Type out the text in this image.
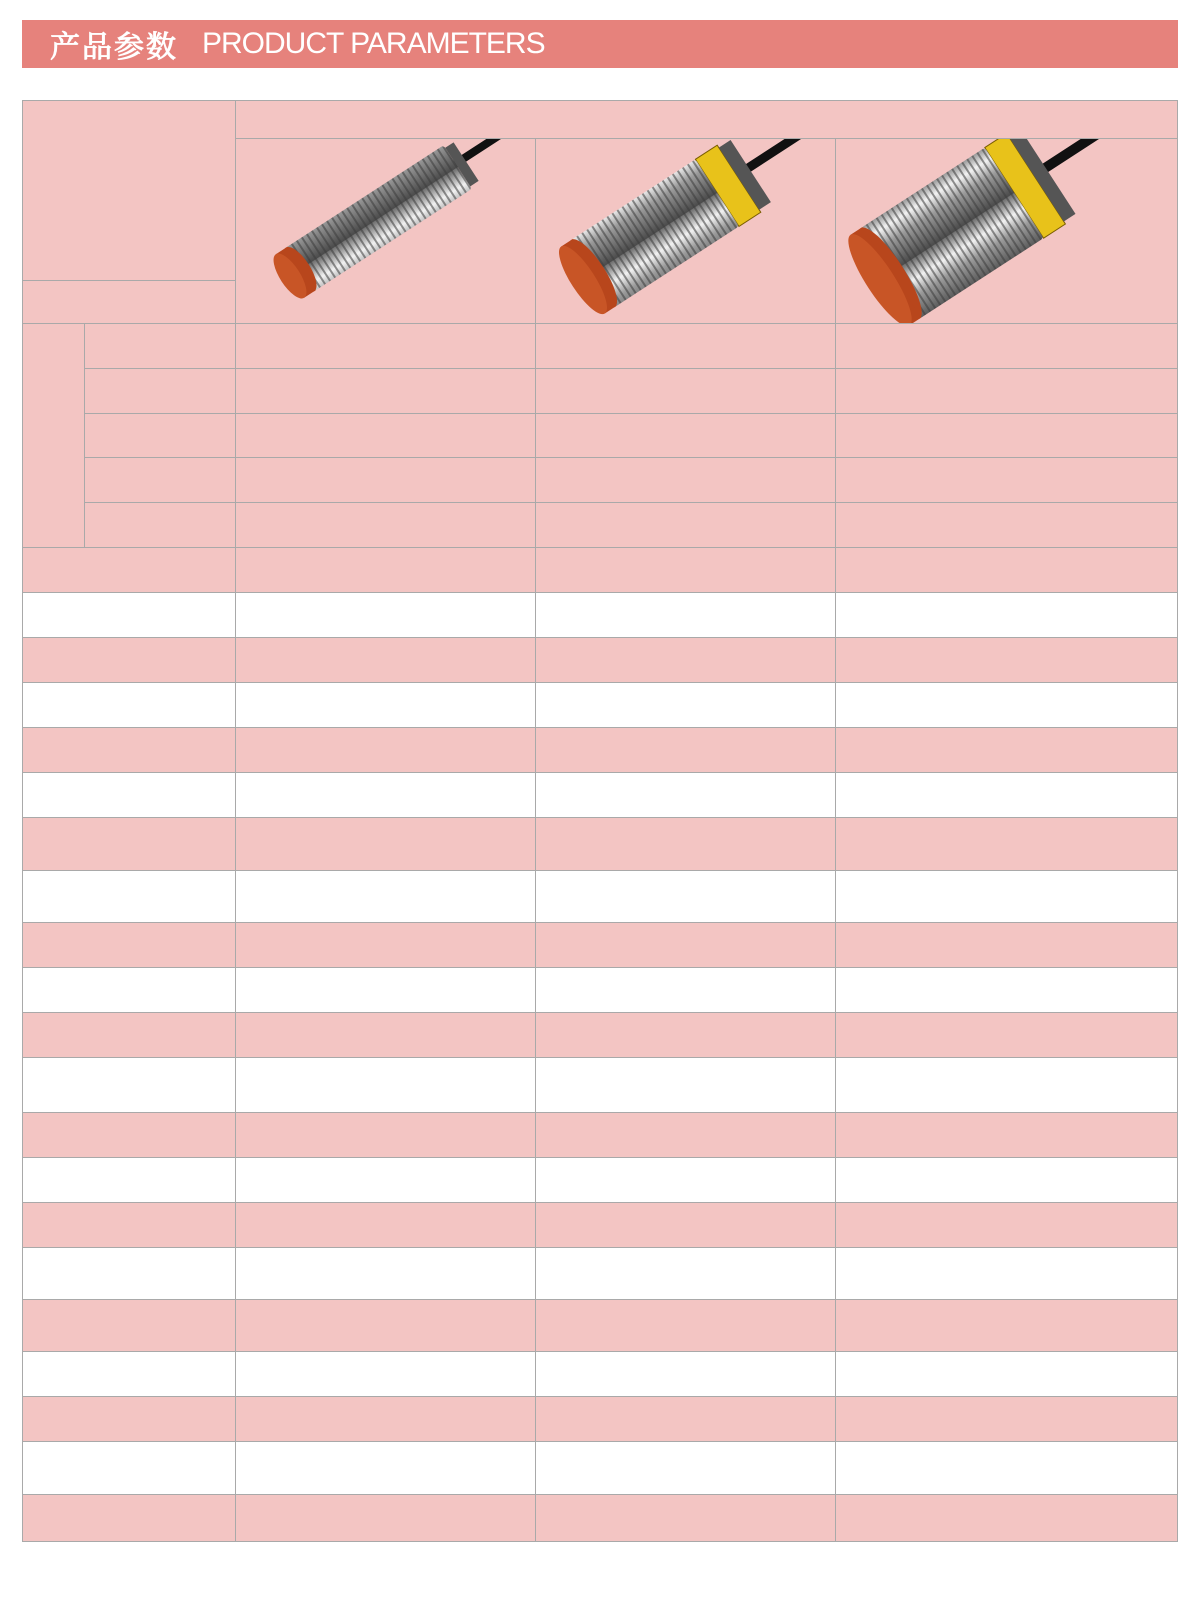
产品参数 PRODUCT PARAMETERS
